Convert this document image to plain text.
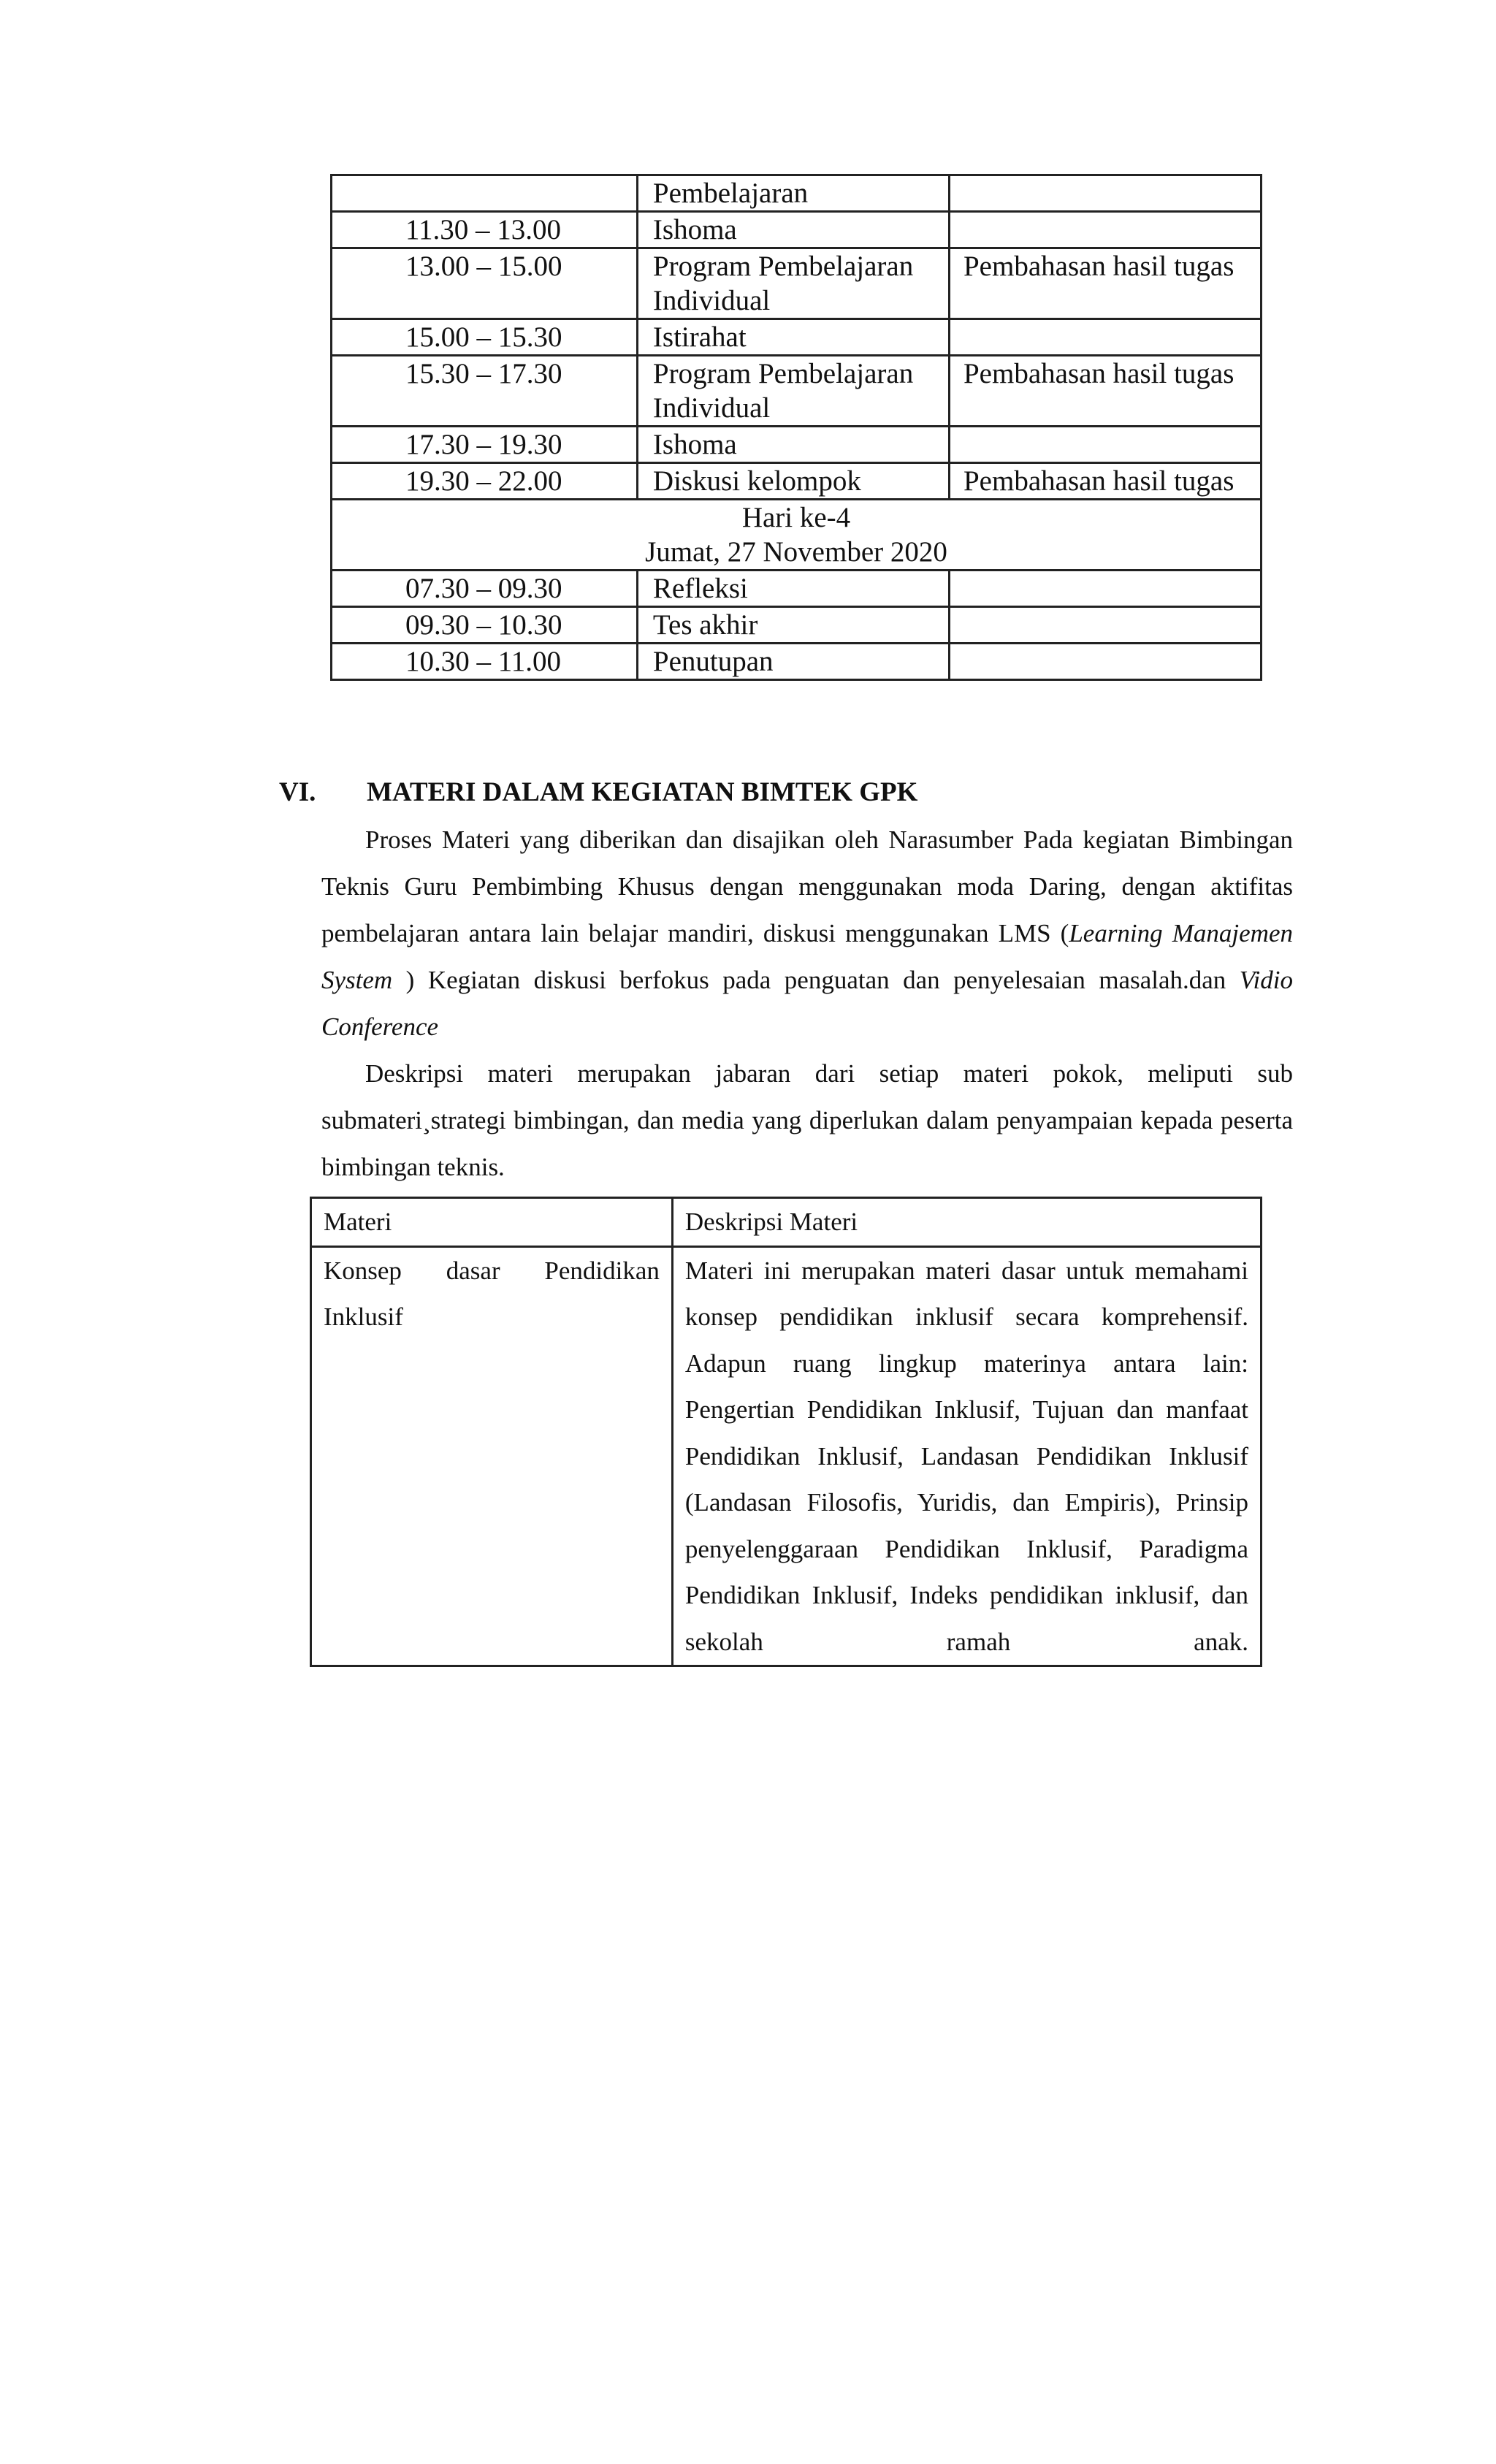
	Pembelajaran	
11.30 – 13.00	Ishoma	
13.00 – 15.00	Program Pembelajaran Individual	Pembahasan hasil tugas
15.00 – 15.30	Istirahat	
15.30 – 17.30	Program Pembelajaran Individual	Pembahasan hasil tugas
17.30 – 19.30	Ishoma	
19.30 – 22.00	Diskusi kelompok	Pembahasan hasil tugas

Hari ke-4
Jumat, 27 November 2020		

07.30 – 09.30	Refleksi	
09.30 – 10.30	Tes akhir	
10.30 – 11.00	Penutupan	
VI. MATERI DALAM KEGIATAN BIMTEK GPK

Proses Materi yang diberikan dan disajikan oleh Narasumber Pada kegiatan Bimbingan Teknis Guru Pembimbing Khusus dengan menggunakan moda Daring, dengan aktifitas pembelajaran antara lain belajar mandiri, diskusi menggunakan LMS (Learning Manajemen System ) Kegiatan diskusi berfokus pada penguatan dan penyelesaian masalah.dan Vidio Conference

Deskripsi materi merupakan jabaran dari setiap materi pokok, meliputi sub submateri¸strategi bimbingan, dan media yang diperlukan dalam penyampaian kepada peserta bimbingan teknis.

Materi	Deskripsi Materi
Konsep dasar Pendidikan Inklusif	Materi ini merupakan materi dasar untuk memahami konsep pendidikan inklusif secara komprehensif. Adapun ruang lingkup materinya antara lain: Pengertian Pendidikan Inklusif, Tujuan dan manfaat Pendidikan Inklusif, Landasan Pendidikan Inklusif (Landasan Filosofis, Yuridis, dan Empiris), Prinsip penyelenggaraan Pendidikan Inklusif, Paradigma Pendidikan Inklusif, Indeks pendidikan inklusif, dan sekolah ramah anak.
